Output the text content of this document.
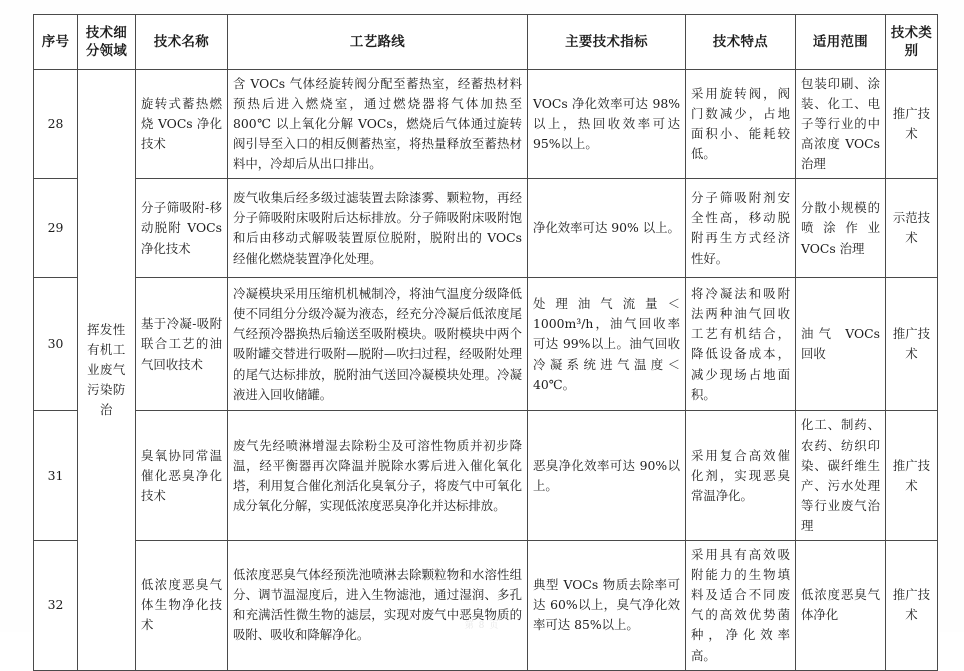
序号	技术细分领域	技术名称	工艺路线	主要技术指标	技术特点	适用范围	技术类别
28	挥发性有机工业废气污染防治	旋转式蓄热燃烧 VOCs 净化技术	含 VOCs 气体经旋转阀分配至蓄热室，经蓄热材料预热后进入燃烧室，通过燃烧器将气体加热至 800℃ 以上氧化分解 VOCs，燃烧后气体通过旋转阀引导至入口的相反侧蓄热室，将热量释放至蓄热材料中，冷却后从出口排出。	VOCs 净化效率可达 98%以上，热回收效率可达 95%以上。	采用旋转阀，阀门数减少，占地面积小、能耗较低。	包装印刷、涂装、化工、电子等行业的中高浓度 VOCs 治理	推广技术
29		分子筛吸附-移动脱附 VOCs 净化技术	废气收集后经多级过滤装置去除漆雾、颗粒物，再经分子筛吸附床吸附后达标排放。分子筛吸附床吸附饱和后由移动式解吸装置原位脱附，脱附出的 VOCs 经催化燃烧装置净化处理。	净化效率可达 90% 以上。	分子筛吸附剂安全性高，移动脱附再生方式经济性好。	分散小规模的喷涂作业 VOCs 治理	示范技术
30		基于冷凝-吸附联合工艺的油气回收技术	冷凝模块采用压缩机机械制冷，将油气温度分级降低使不同组分分级冷凝为液态，经充分冷凝后低浓度尾气经预冷器换热后输送至吸附模块。吸附模块中两个吸附罐交替进行吸附—脱附—吹扫过程，经吸附处理的尾气达标排放，脱附油气送回冷凝模块处理。冷凝液进入回收储罐。	处理油气流量＜1000m³/h，油气回收率可达 99%以上。油气回收冷凝系统进气温度＜40℃。	将冷凝法和吸附法两种油气回收工艺有机结合，降低设备成本，减少现场占地面积。	油气 VOCs 回收	推广技术
31		臭氧协同常温催化恶臭净化技术	废气先经喷淋增湿去除粉尘及可溶性物质并初步降温，经平衡器再次降温并脱除水雾后进入催化氧化塔，利用复合催化剂活化臭氧分子，将废气中可氧化成分氧化分解，实现低浓度恶臭净化并达标排放。	恶臭净化效率可达 90%以上。	采用复合高效催化剂，实现恶臭常温净化。	化工、制药、农药、纺织印染、碳纤维生产、污水处理等行业废气治理	推广技术
32		低浓度恶臭气体生物净化技术	低浓度恶臭气体经预洗池喷淋去除颗粒物和水溶性组分、调节温湿度后，进入生物滤池，通过湿润、多孔和充满活性微生物的滤层，实现对废气中恶臭物质的吸附、吸收和降解净化。	典型 VOCs 物质去除率可达 60%以上，臭气净化效率可达 85%以上。	采用具有高效吸附能力的生物填料及适合不同废气的高效优势菌种，净化效率高。	低浓度恶臭气体净化	推广技术
第 8 页
